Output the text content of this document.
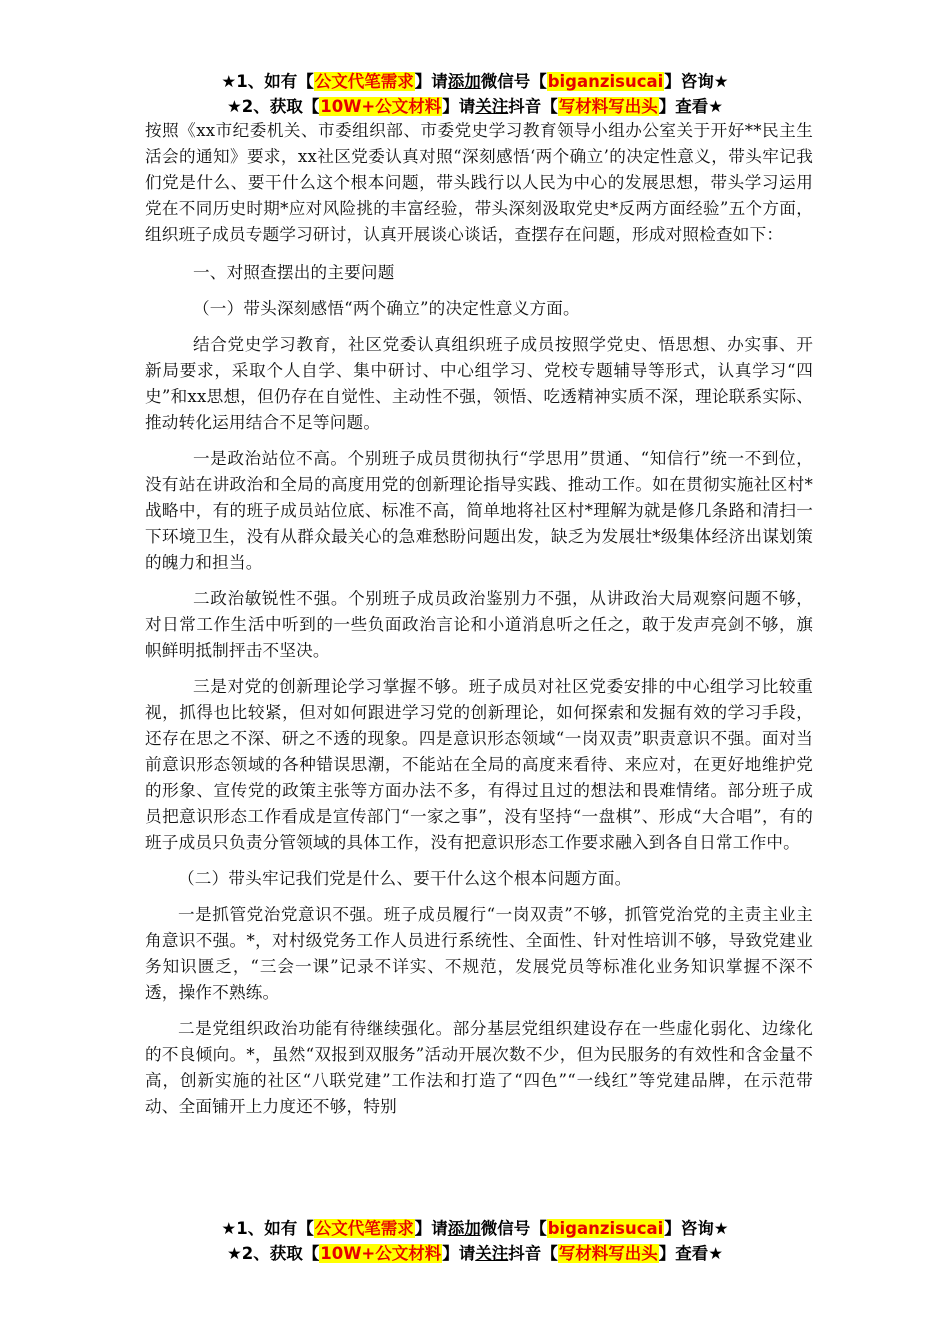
★1、如有【公文代笔需求】请添加微信号【biganzisucai】咨询★
★2、获取【10W+公文材料】请关注抖音【写材料写出头】查看★

按照《xx市纪委机关、市委组织部、市委党史学习教育领导小组办公室关于开好**民主生活会的通知》要求，xx社区党委认真对照“深刻感悟‘两个确立’的决定性意义，带头牢记我们党是什么、要干什么这个根本问题，带头践行以人民为中心的发展思想，带头学习运用党在不同历史时期*应对风险挑的丰富经验，带头深刻汲取党史*反两方面经验”五个方面，组织班子成员专题学习研讨，认真开展谈心谈话，查摆存在问题，形成对照检查如下：

一、对照查摆出的主要问题

（一）带头深刻感悟“两个确立”的决定性意义方面。

结合党史学习教育，社区党委认真组织班子成员按照学党史、悟思想、办实事、开新局要求，采取个人自学、集中研讨、中心组学习、党校专题辅导等形式，认真学习“四史”和xx思想，但仍存在自觉性、主动性不强，领悟、吃透精神实质不深，理论联系实际、推动转化运用结合不足等问题。

一是政治站位不高。个别班子成员贯彻执行“学思用”贯通、“知信行”统一不到位，没有站在讲政治和全局的高度用党的创新理论指导实践、推动工作。如在贯彻实施社区村*战略中，有的班子成员站位底、标准不高，简单地将社区村*理解为就是修几条路和清扫一下环境卫生，没有从群众最关心的急难愁盼问题出发，缺乏为发展壮*级集体经济出谋划策的魄力和担当。

二政治敏锐性不强。个别班子成员政治鉴别力不强，从讲政治大局观察问题不够，对日常工作生活中听到的一些负面政治言论和小道消息听之任之，敢于发声亮剑不够，旗帜鲜明抵制抨击不坚决。

三是对党的创新理论学习掌握不够。班子成员对社区党委安排的中心组学习比较重视，抓得也比较紧，但对如何跟进学习党的创新理论，如何探索和发掘有效的学习手段，还存在思之不深、研之不透的现象。四是意识形态领域“一岗双责”职责意识不强。面对当前意识形态领域的各种错误思潮，不能站在全局的高度来看待、来应对，在更好地维护党的形象、宣传党的政策主张等方面办法不多，有得过且过的想法和畏难情绪。部分班子成员把意识形态工作看成是宣传部门“一家之事”，没有坚持“一盘棋”、形成“大合唱”，有的班子成员只负责分管领域的具体工作，没有把意识形态工作要求融入到各自日常工作中。

（二）带头牢记我们党是什么、要干什么这个根本问题方面。

一是抓管党治党意识不强。班子成员履行“一岗双责”不够，抓管党治党的主责主业主角意识不强。*，对村级党务工作人员进行系统性、全面性、针对性培训不够，导致党建业务知识匮乏，“三会一课”记录不详实、不规范，发展党员等标准化业务知识掌握不深不透，操作不熟练。

二是党组织政治功能有待继续强化。部分基层党组织建设存在一些虚化弱化、边缘化的不良倾向。*，虽然“双报到双服务”活动开展次数不少，但为民服务的有效性和含金量不高，创新实施的社区“八联党建”工作法和打造了“四色”“一线红”等党建品牌，在示范带动、全面铺开上力度还不够，特别

★1、如有【公文代笔需求】请添加微信号【biganzisucai】咨询★
★2、获取【10W+公文材料】请关注抖音【写材料写出头】查看★
